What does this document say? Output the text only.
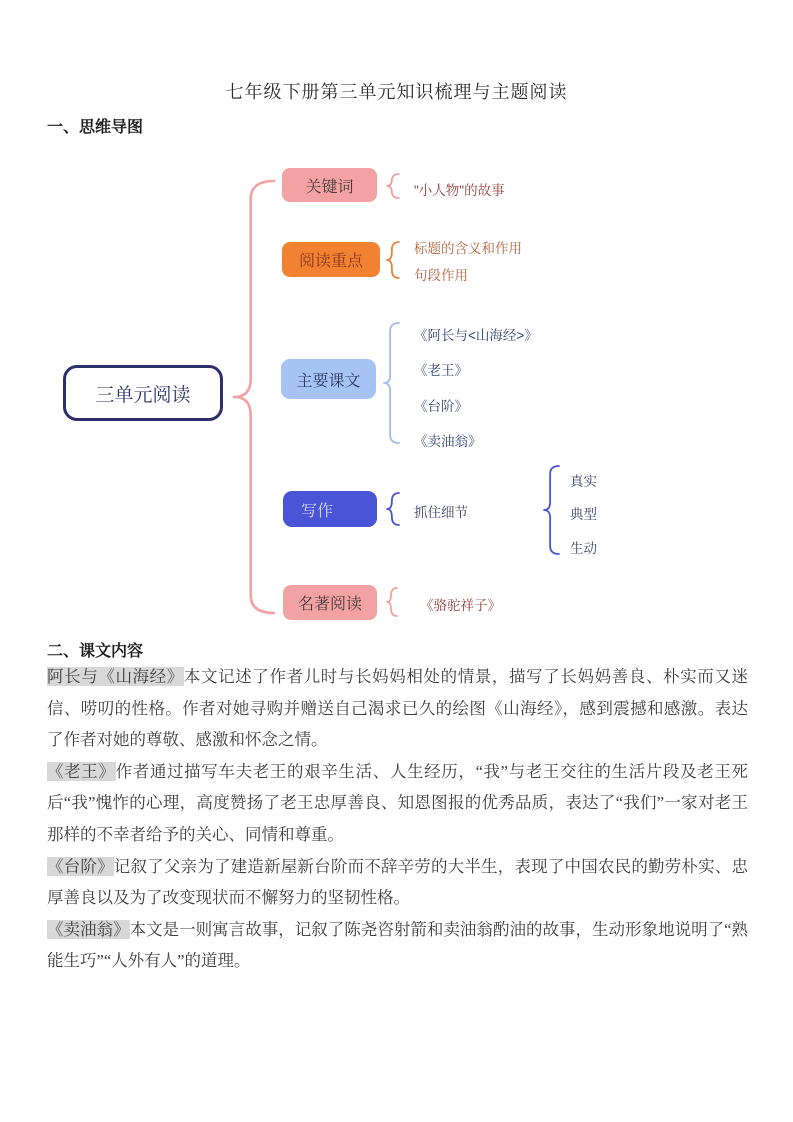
七年级下册第三单元知识梳理与主题阅读
一、思维导图
三单元阅读
关键词	"小人物"的故事
阅读重点
标题的含义和作用
句段作用
主要课文
《阿长与<山海经>》
《老王》
《台阶》
《卖油翁》
写作	抓住细节
真实
典型
生动
名著阅读	《骆驼祥子》
二、课文内容

阿长与《山海经》本文记述了作者儿时与长妈妈相处的情景，描写了长妈妈善良、朴实而又迷信、唠叨的性格。作者对她寻购并赠送自己渴求已久的绘图《山海经》，感到震撼和感激。表达了作者对她的尊敬、感激和怀念之情。

《老王》作者通过描写车夫老王的艰辛生活、人生经历，“我”与老王交往的生活片段及老王死后“我”愧怍的心理，高度赞扬了老王忠厚善良、知恩图报的优秀品质，表达了“我们”一家对老王那样的不幸者给予的关心、同情和尊重。

《台阶》记叙了父亲为了建造新屋新台阶而不辞辛劳的大半生，表现了中国农民的勤劳朴实、忠厚善良以及为了改变现状而不懈努力的坚韧性格。

《卖油翁》本文是一则寓言故事，记叙了陈尧咨射箭和卖油翁酌油的故事，生动形象地说明了“熟能生巧”“人外有人”的道理。
